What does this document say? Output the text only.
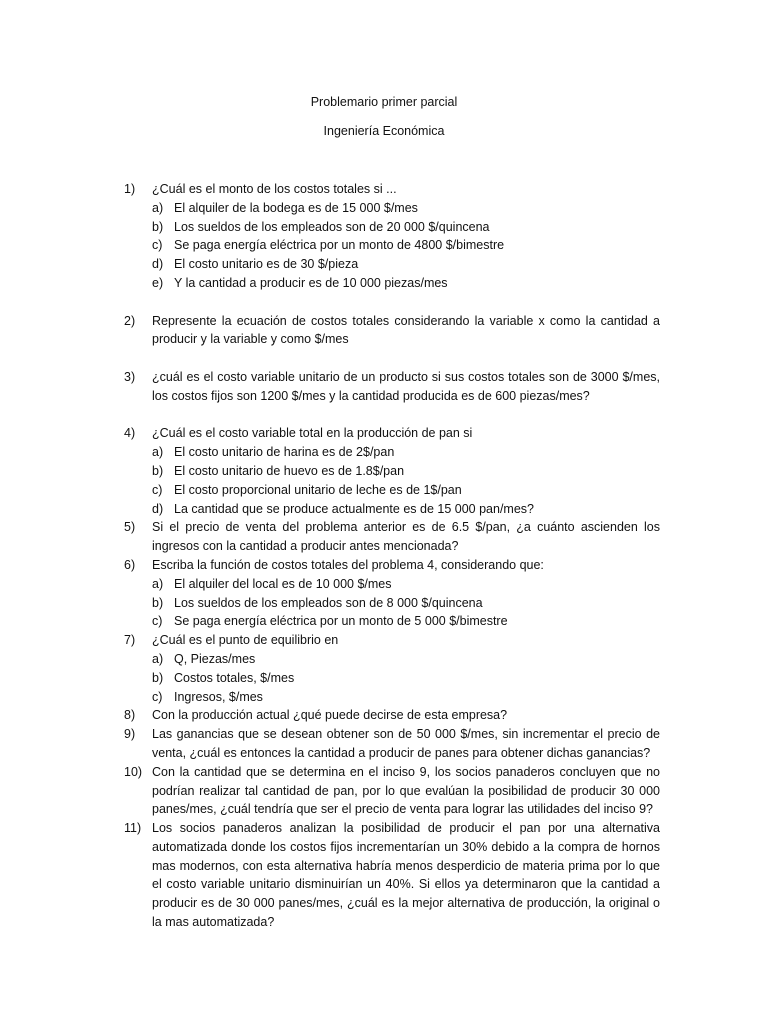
Problemario primer parcial
Ingeniería Económica
1) ¿Cuál es el monto de los costos totales si ...
a) El alquiler de la bodega es de 15 000 $/mes
b) Los sueldos de los empleados son de 20 000 $/quincena
c) Se paga energía eléctrica por un monto de 4800 $/bimestre
d) El costo unitario es de 30 $/pieza
e) Y la cantidad a producir es de 10 000 piezas/mes
2) Represente la ecuación de costos totales considerando la variable x como la cantidad a producir y la variable y como $/mes
3) ¿cuál es el costo variable unitario de un producto si sus costos totales son de 3000 $/mes, los costos fijos son 1200 $/mes y la cantidad producida es de 600 piezas/mes?
4) ¿Cuál es el costo variable total en la producción de pan si
a) El costo unitario de harina es de 2$/pan
b) El costo unitario de huevo es de 1.8$/pan
c) El costo proporcional unitario de leche es de 1$/pan
d) La cantidad que se produce actualmente es de 15 000 pan/mes?
5) Si el precio de venta del problema anterior es de 6.5 $/pan, ¿a cuánto ascienden los ingresos con la cantidad a producir antes mencionada?
6) Escriba la función de costos totales del problema 4, considerando que:
a) El alquiler del local es de 10 000 $/mes
b) Los sueldos de los empleados son de 8 000 $/quincena
c) Se paga energía eléctrica por un monto de 5 000 $/bimestre
7) ¿Cuál es el punto de equilibrio en
a) Q, Piezas/mes
b) Costos totales, $/mes
c) Ingresos, $/mes
8) Con la producción actual ¿qué puede decirse de esta empresa?
9) Las ganancias que se desean obtener son de 50 000 $/mes, sin incrementar el precio de venta, ¿cuál es entonces la cantidad a producir de panes para obtener dichas ganancias?
10) Con la cantidad que se determina en el inciso 9, los socios panaderos concluyen que no podrían realizar tal cantidad de pan, por lo que evalúan la posibilidad de producir 30 000 panes/mes, ¿cuál tendría que ser el precio de venta para lograr las utilidades del inciso 9?
11) Los socios panaderos analizan la posibilidad de producir el pan por una alternativa automatizada donde los costos fijos incrementarían un 30% debido a la compra de hornos mas modernos, con esta alternativa habría menos desperdicio de materia prima por lo que el costo variable unitario disminuirían un 40%. Si ellos ya determinaron que la cantidad a producir es de 30 000 panes/mes, ¿cuál es la mejor alternativa de producción, la original o la mas automatizada?
